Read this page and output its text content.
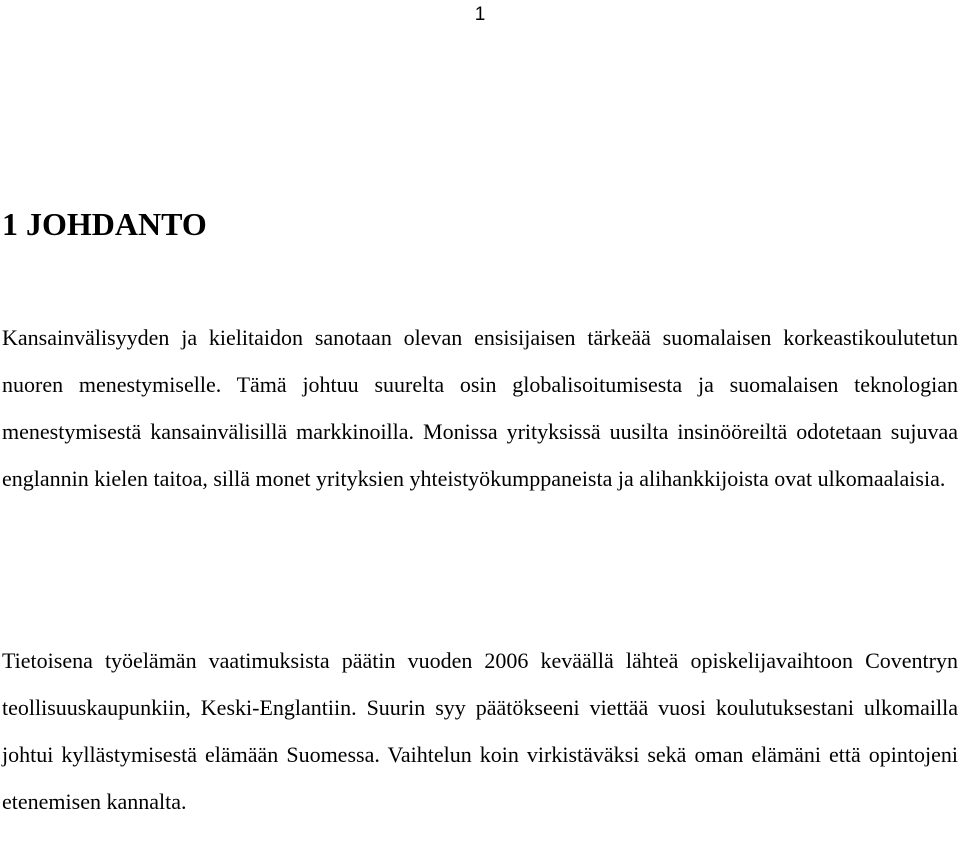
1
1 JOHDANTO

Kansainvälisyyden ja kielitaidon sanotaan olevan ensisijaisen tärkeää suomalaisen korkeastikoulutetun nuoren menestymiselle. Tämä johtuu suurelta osin globalisoitumisesta ja suomalaisen teknologian menestymisestä kansainvälisillä markkinoilla. Monissa yrityksissä uusilta insinööreiltä odotetaan sujuvaa englannin kielen taitoa, sillä monet yrityksien yhteistyökumppaneista ja alihankkijoista ovat ulkomaalaisia.

Tietoisena työelämän vaatimuksista päätin vuoden 2006 keväällä lähteä opiskelijavaihtoon Coventryn teollisuuskaupunkiin, Keski-Englantiin. Suurin syy päätökseeni viettää vuosi koulutuksestani ulkomailla johtui kyllästymisestä elämään Suomessa. Vaihtelun koin virkistäväksi sekä oman elämäni että opintojeni etenemisen kannalta.
